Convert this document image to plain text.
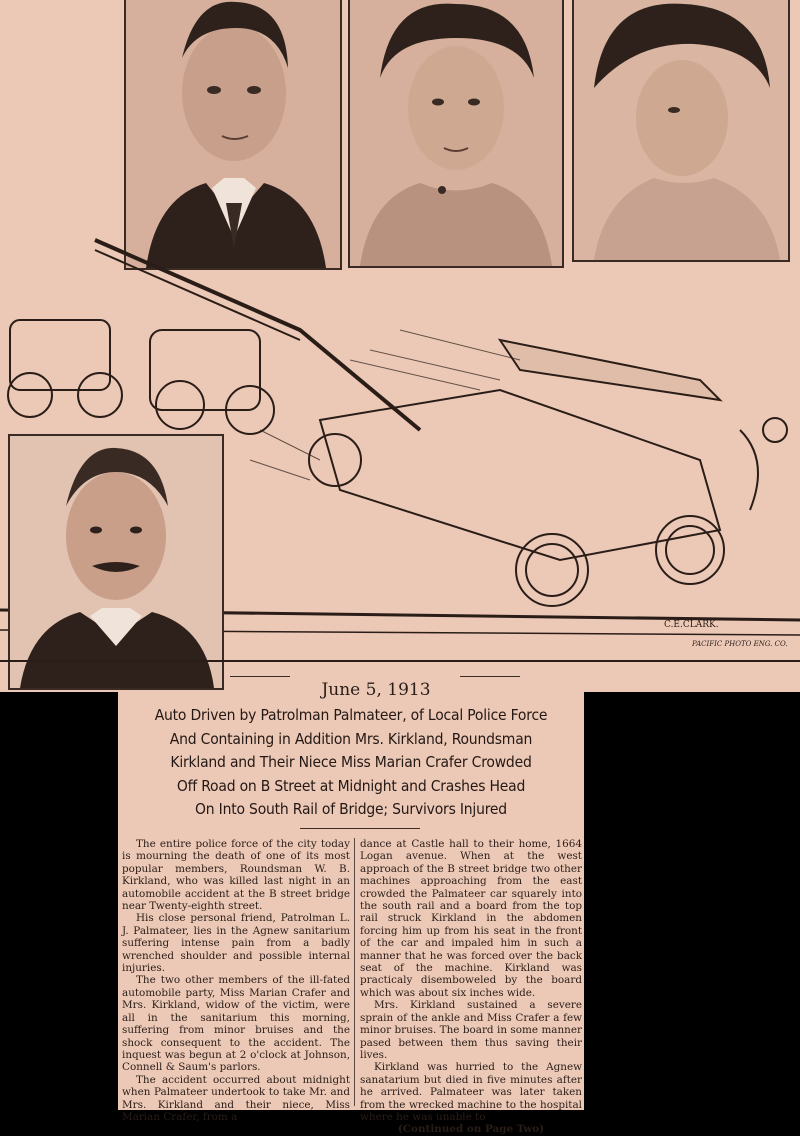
C.E.CLARK.
PACIFIC PHOTO ENG. CO.
June 5, 1913
Auto Driven by Patrolman Palmateer, of Local Police Force
And Containing in Addition Mrs. Kirkland, Roundsman
Kirkland and Their Niece Miss Marian Crafer Crowded
Off Road on B Street at Midnight and Crashes Head
On Into South Rail of Bridge; Survivors Injured

The entire police force of the city today is mourning the death of one of its most popular members, Roundsman W. B. Kirkland, who was killed last night in an automobile accident at the B street bridge near Twenty-eighth street.

His close personal friend, Patrolman L. J. Palmateer, lies in the Agnew sanitarium suffering intense pain from a badly wrenched shoulder and possible internal injuries.

The two other members of the ill-fated automobile party, Miss Marian Crafer and Mrs. Kirkland, widow of the victim, were all in the sanitarium this morning, suffering from minor bruises and the shock consequent to the accident. The inquest was begun at 2 o'clock at Johnson, Connell & Saum's parlors.

The accident occurred about midnight when Palmateer undertook to take Mr. and Mrs. Kirkland and their niece, Miss Marian Crafer, from a

dance at Castle hall to their home, 1664 Logan avenue. When at the west approach of the B street bridge two other machines approaching from the east crowded the Palmateer car squarely into the south rail and a board from the top rail struck Kirkland in the abdomen forcing him up from his seat in the front of the car and impaled him in such a manner that he was forced over the back seat of the machine. Kirkland was practicaly disemboweled by the board which was about six inches wide.

Mrs. Kirkland sustained a severe sprain of the ankle and Miss Crafer a few minor bruises. The board in some manner pased between them thus saving their lives.

Kirkland was hurried to the Agnew sanatarium but died in five minutes after he arrived. Palmateer was later taken from the wrecked machine to the hospital where he was unable to

(Continued on Page Two)
